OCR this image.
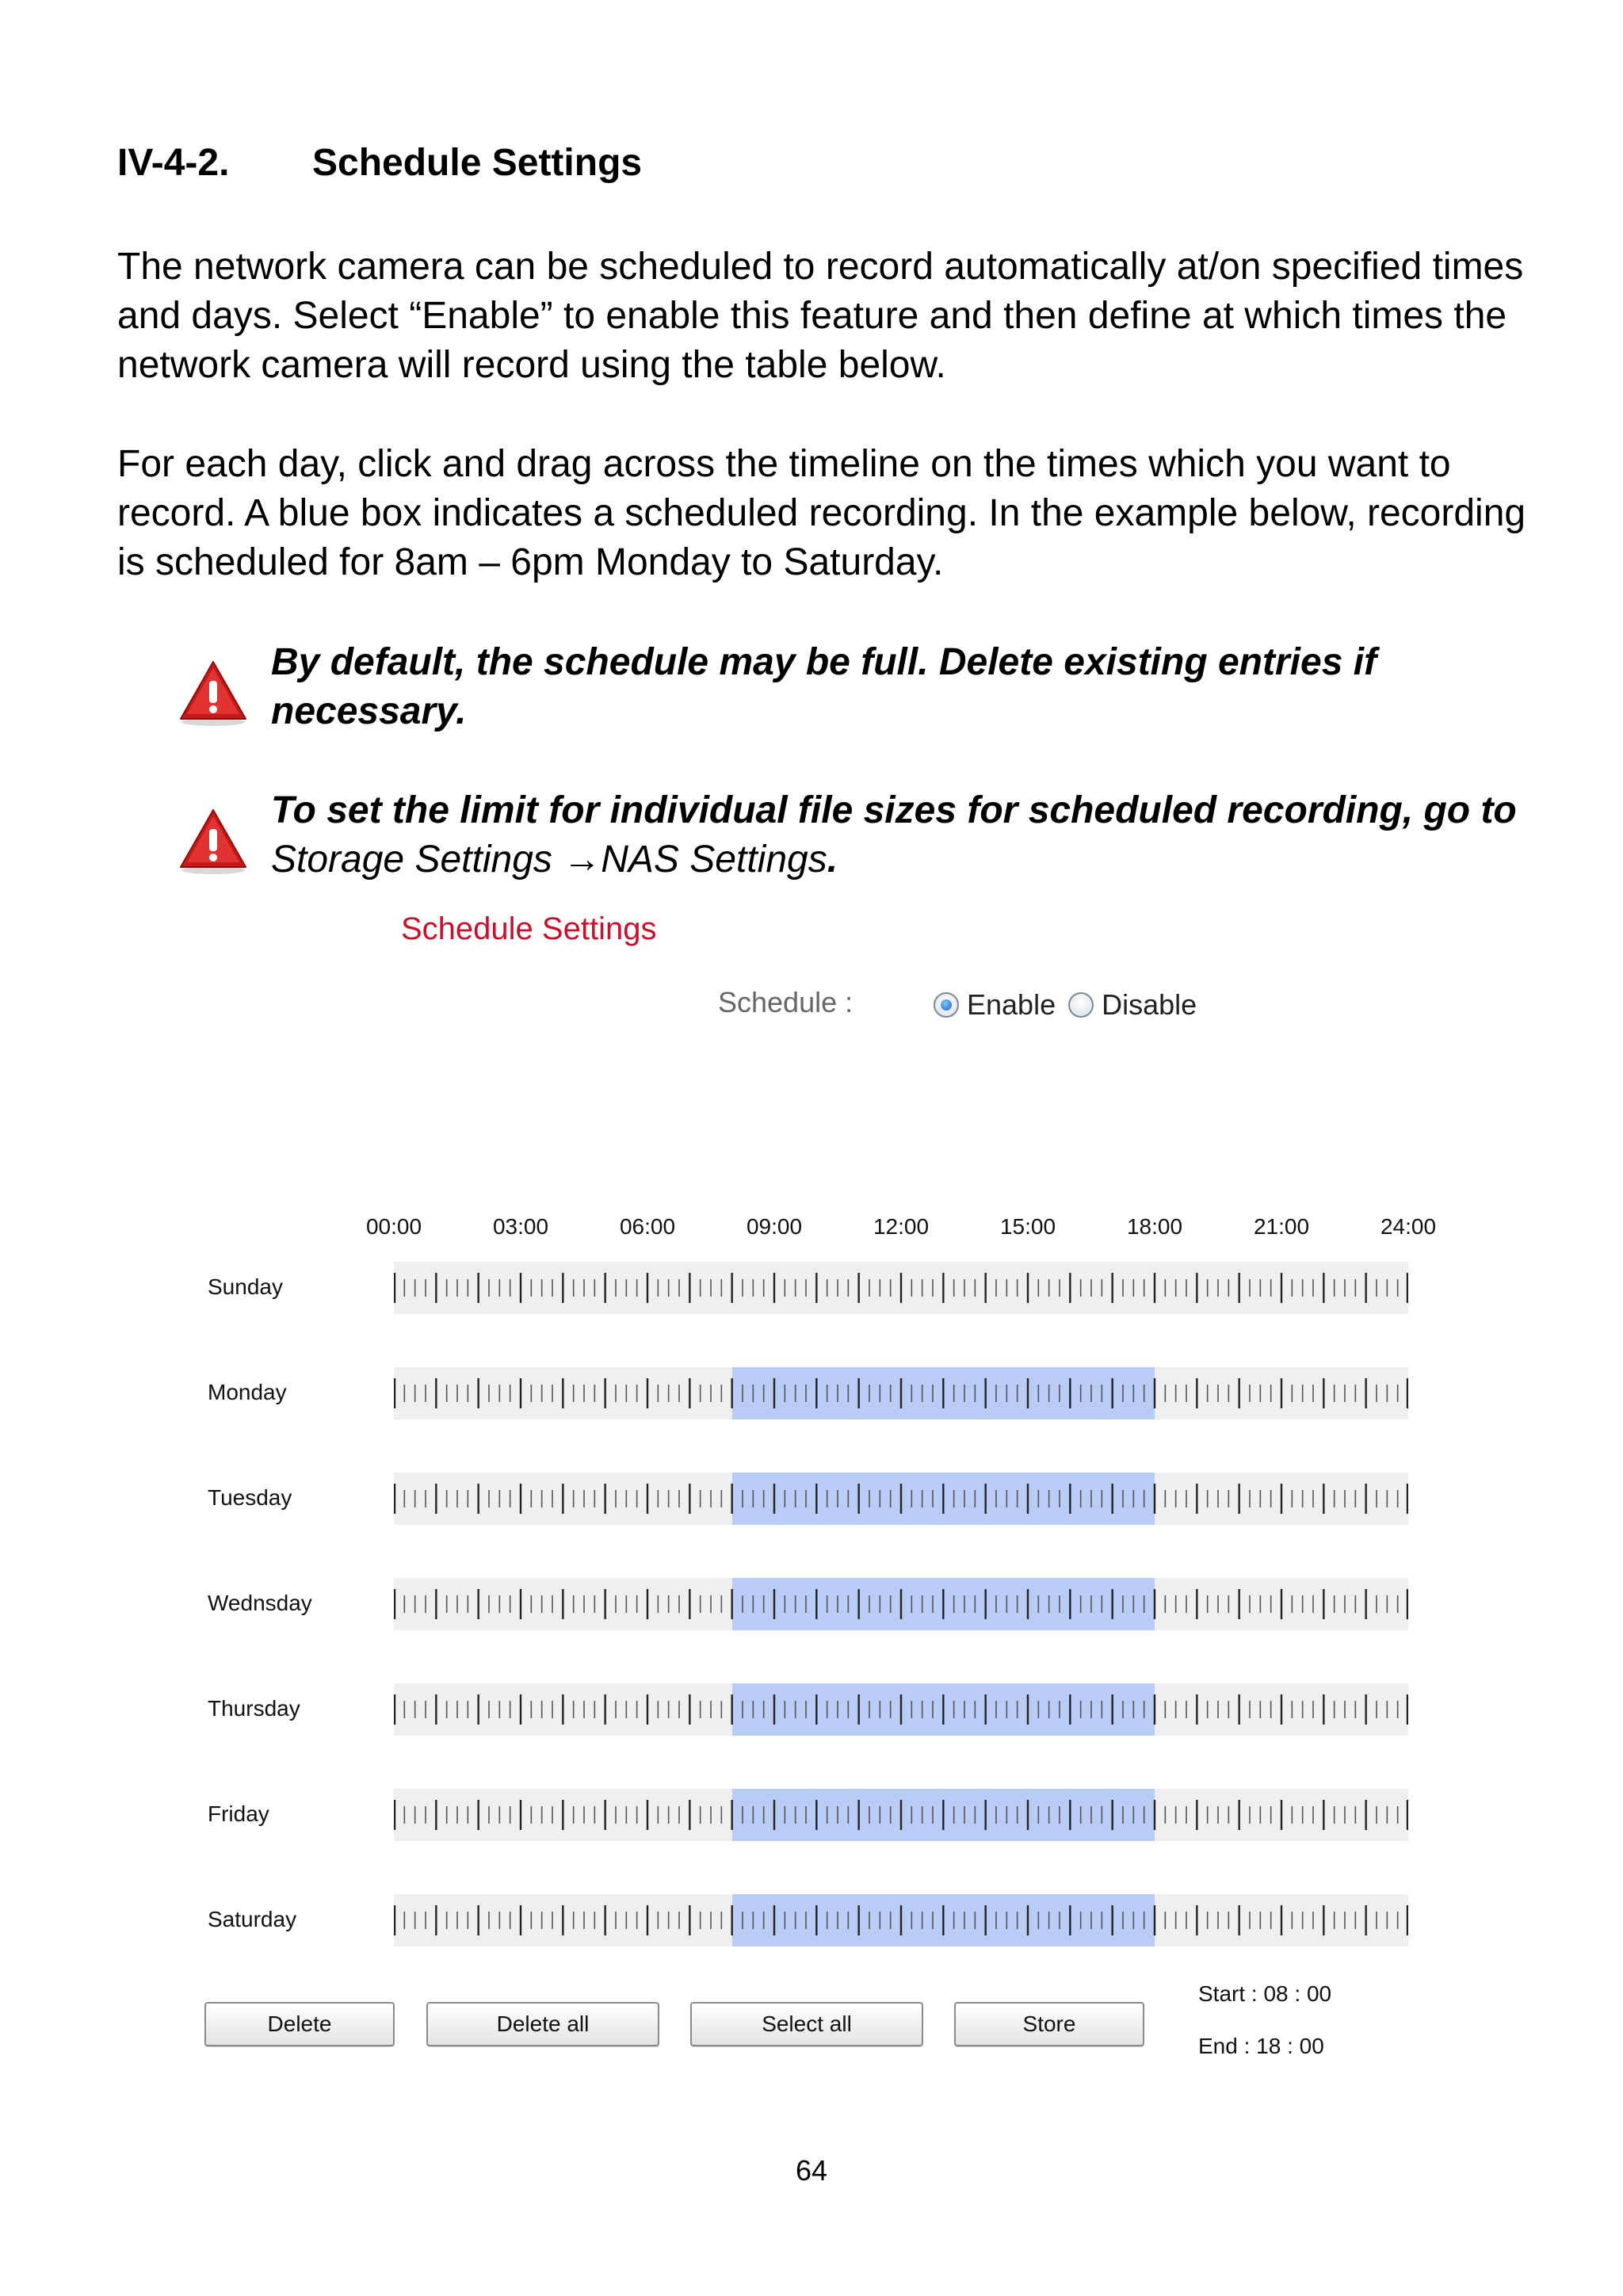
IV-4-2. Schedule Settings
The network camera can be scheduled to record automatically at/on specified times and days. Select “Enable” to enable this feature and then define at which times the network camera will record using the table below.
For each day, click and drag across the timeline on the times which you want to record. A blue box indicates a scheduled recording. In the example below, recording is scheduled for 8am – 6pm Monday to Saturday.
By default, the schedule may be full. Delete existing entries if necessary.
To set the limit for individual file sizes for scheduled recording, go to Storage Settings →NAS Settings.
Schedule Settings
Schedule :	Enable Disable
00:00	03:00	06:00	09:00	12:00	15:00	18:00	21:00	24:00
Sunday
Monday
Tuesday
Wednsday
Thursday
Friday
Saturday
Delete	Delete all	Select all	Store
Start : 08 : 00
End : 18 : 00
64
